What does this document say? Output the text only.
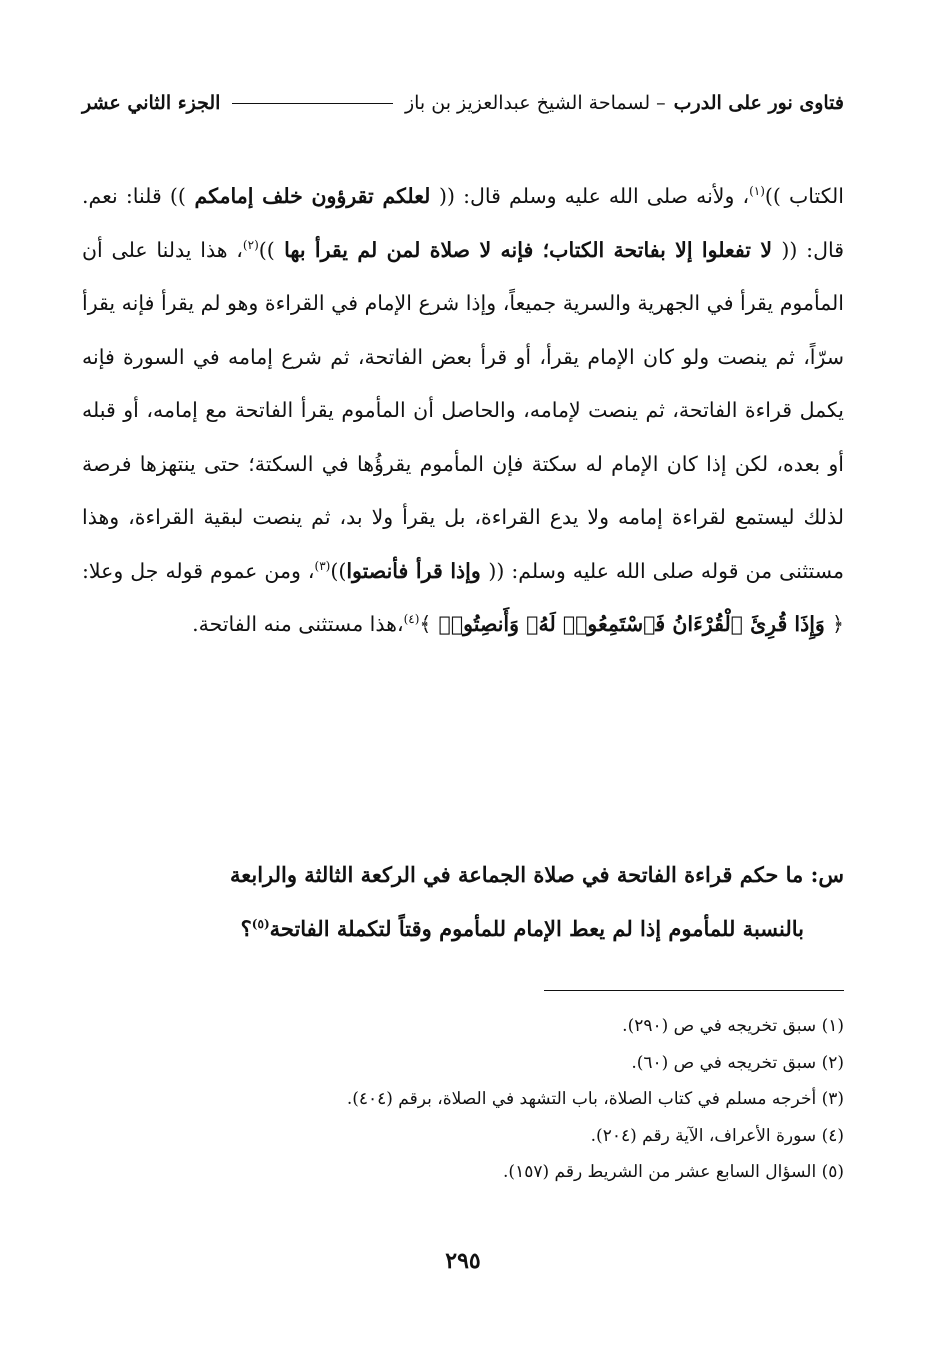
فتاوى نور على الدرب
– لسماحة الشيخ عبدالعزيز بن باز
الجزء الثاني عشر

الكتاب ))$^{(١)}$، ولأنه صلى الله عليه وسلم قال: (( لعلكم تقرؤون خلف إمامكم )) قلنا: نعم. قال: (( لا تفعلوا إلا بفاتحة الكتاب؛ فإنه لا صلاة لمن لم يقرأ بها ))$^{(٢)}$، هذا يدلنا على أن المأموم يقرأ في الجهرية والسرية جميعاً، وإذا شرع الإمام في القراءة وهو لم يقرأ فإنه يقرأ سرّاً، ثم ينصت ولو كان الإمام يقرأ، أو قرأ بعض الفاتحة، ثم شرع إمامه في السورة فإنه يكمل قراءة الفاتحة، ثم ينصت لإمامه، والحاصل أن المأموم يقرأ الفاتحة مع إمامه، أو قبله أو بعده، لكن إذا كان الإمام له سكتة فإن المأموم يقرؤُها في السكتة؛ حتى ينتهزها فرصة لذلك ليستمع لقراءة إمامه ولا يدع القراءة، بل يقرأ ولا بد، ثم ينصت لبقية القراءة، وهذا مستثنى من قوله صلى الله عليه وسلم: (( وإذا قرأ فأنصتوا))$^{(٣)}$، ومن عموم قوله جل وعلا: ﴿ وَإِذَا قُرِئَ ٱلْقُرْءَانُ فَٱسْتَمِعُوا۟ لَهُۥ وَأَنصِتُوا۟ ﴾$^{(٤)}$،هذا مستثنى منه الفاتحة.

س: ما حكم قراءة الفاتحة في صلاة الجماعة في الركعة الثالثة والرابعة
بالنسبة للمأموم إذا لم يعط الإمام للمأموم وقتاً لتكملة الفاتحة$^{(٥)}$؟
(١) سبق تخريجه في ص (٢٩٠).
(٢) سبق تخريجه في ص (٦٠).
(٣) أخرجه مسلم في كتاب الصلاة، باب التشهد في الصلاة، برقم (٤٠٤).
(٤) سورة الأعراف، الآية رقم (٢٠٤).
(٥) السؤال السابع عشر من الشريط رقم (١٥٧).
٢٩٥
